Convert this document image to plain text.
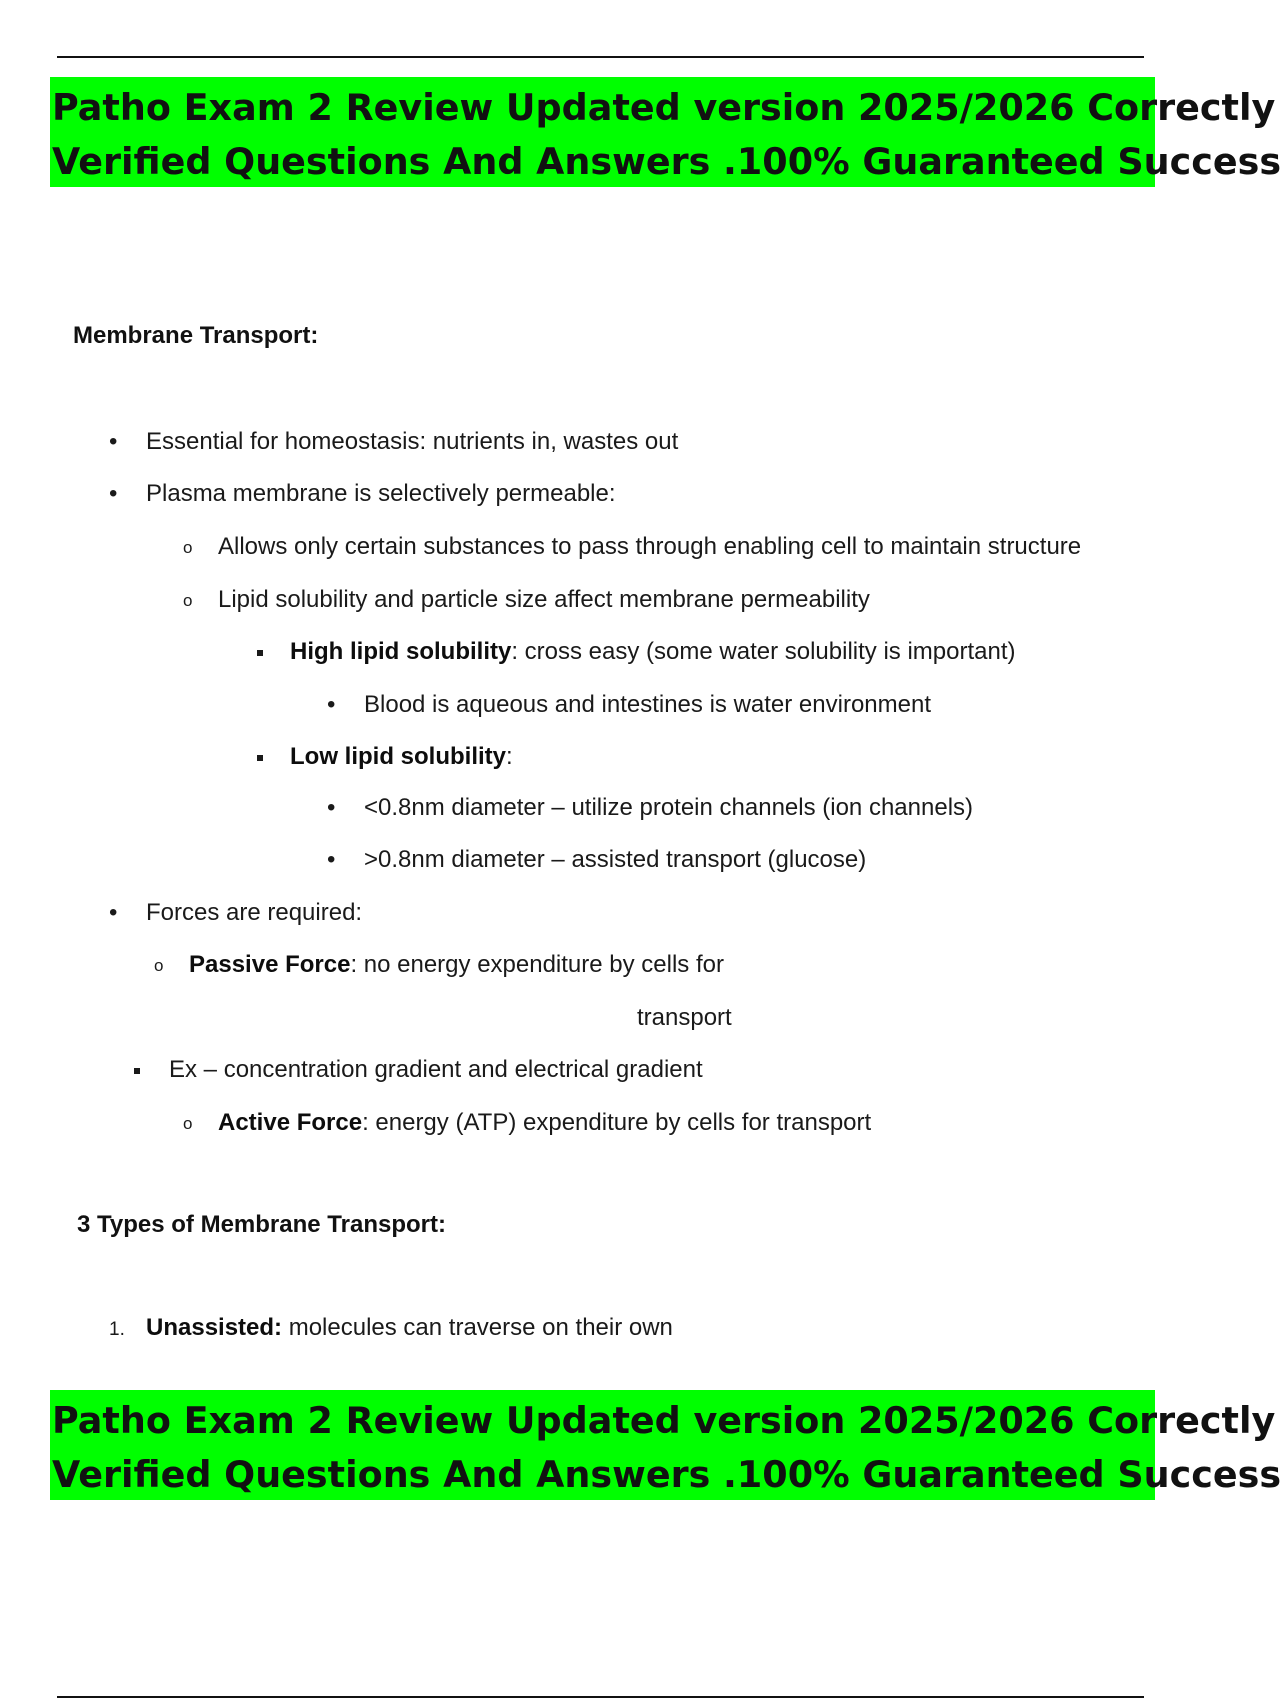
Patho Exam 2 Review Updated version 2025/2026 Correctly
Verified Questions And Answers .100% Guaranteed Success
Membrane Transport:
•
Essential for homeostasis: nutrients in, wastes out
•
Plasma membrane is selectively permeable:
o
Allows only certain substances to pass through enabling cell to maintain structure
o
Lipid solubility and particle size affect membrane permeability
High lipid solubility: cross easy (some water solubility is important)
•
Blood is aqueous and intestines is water environment
Low lipid solubility:
•
<0.8nm diameter – utilize protein channels (ion channels)
•
>0.8nm diameter – assisted transport (glucose)
•
Forces are required:
o
Passive Force: no energy expenditure by cells for
transport
Ex – concentration gradient and electrical gradient
o
Active Force: energy (ATP) expenditure by cells for transport
3 Types of Membrane Transport:
1. Unassisted: molecules can traverse on their own
Patho Exam 2 Review Updated version 2025/2026 Correctly
Verified Questions And Answers .100% Guaranteed Success
